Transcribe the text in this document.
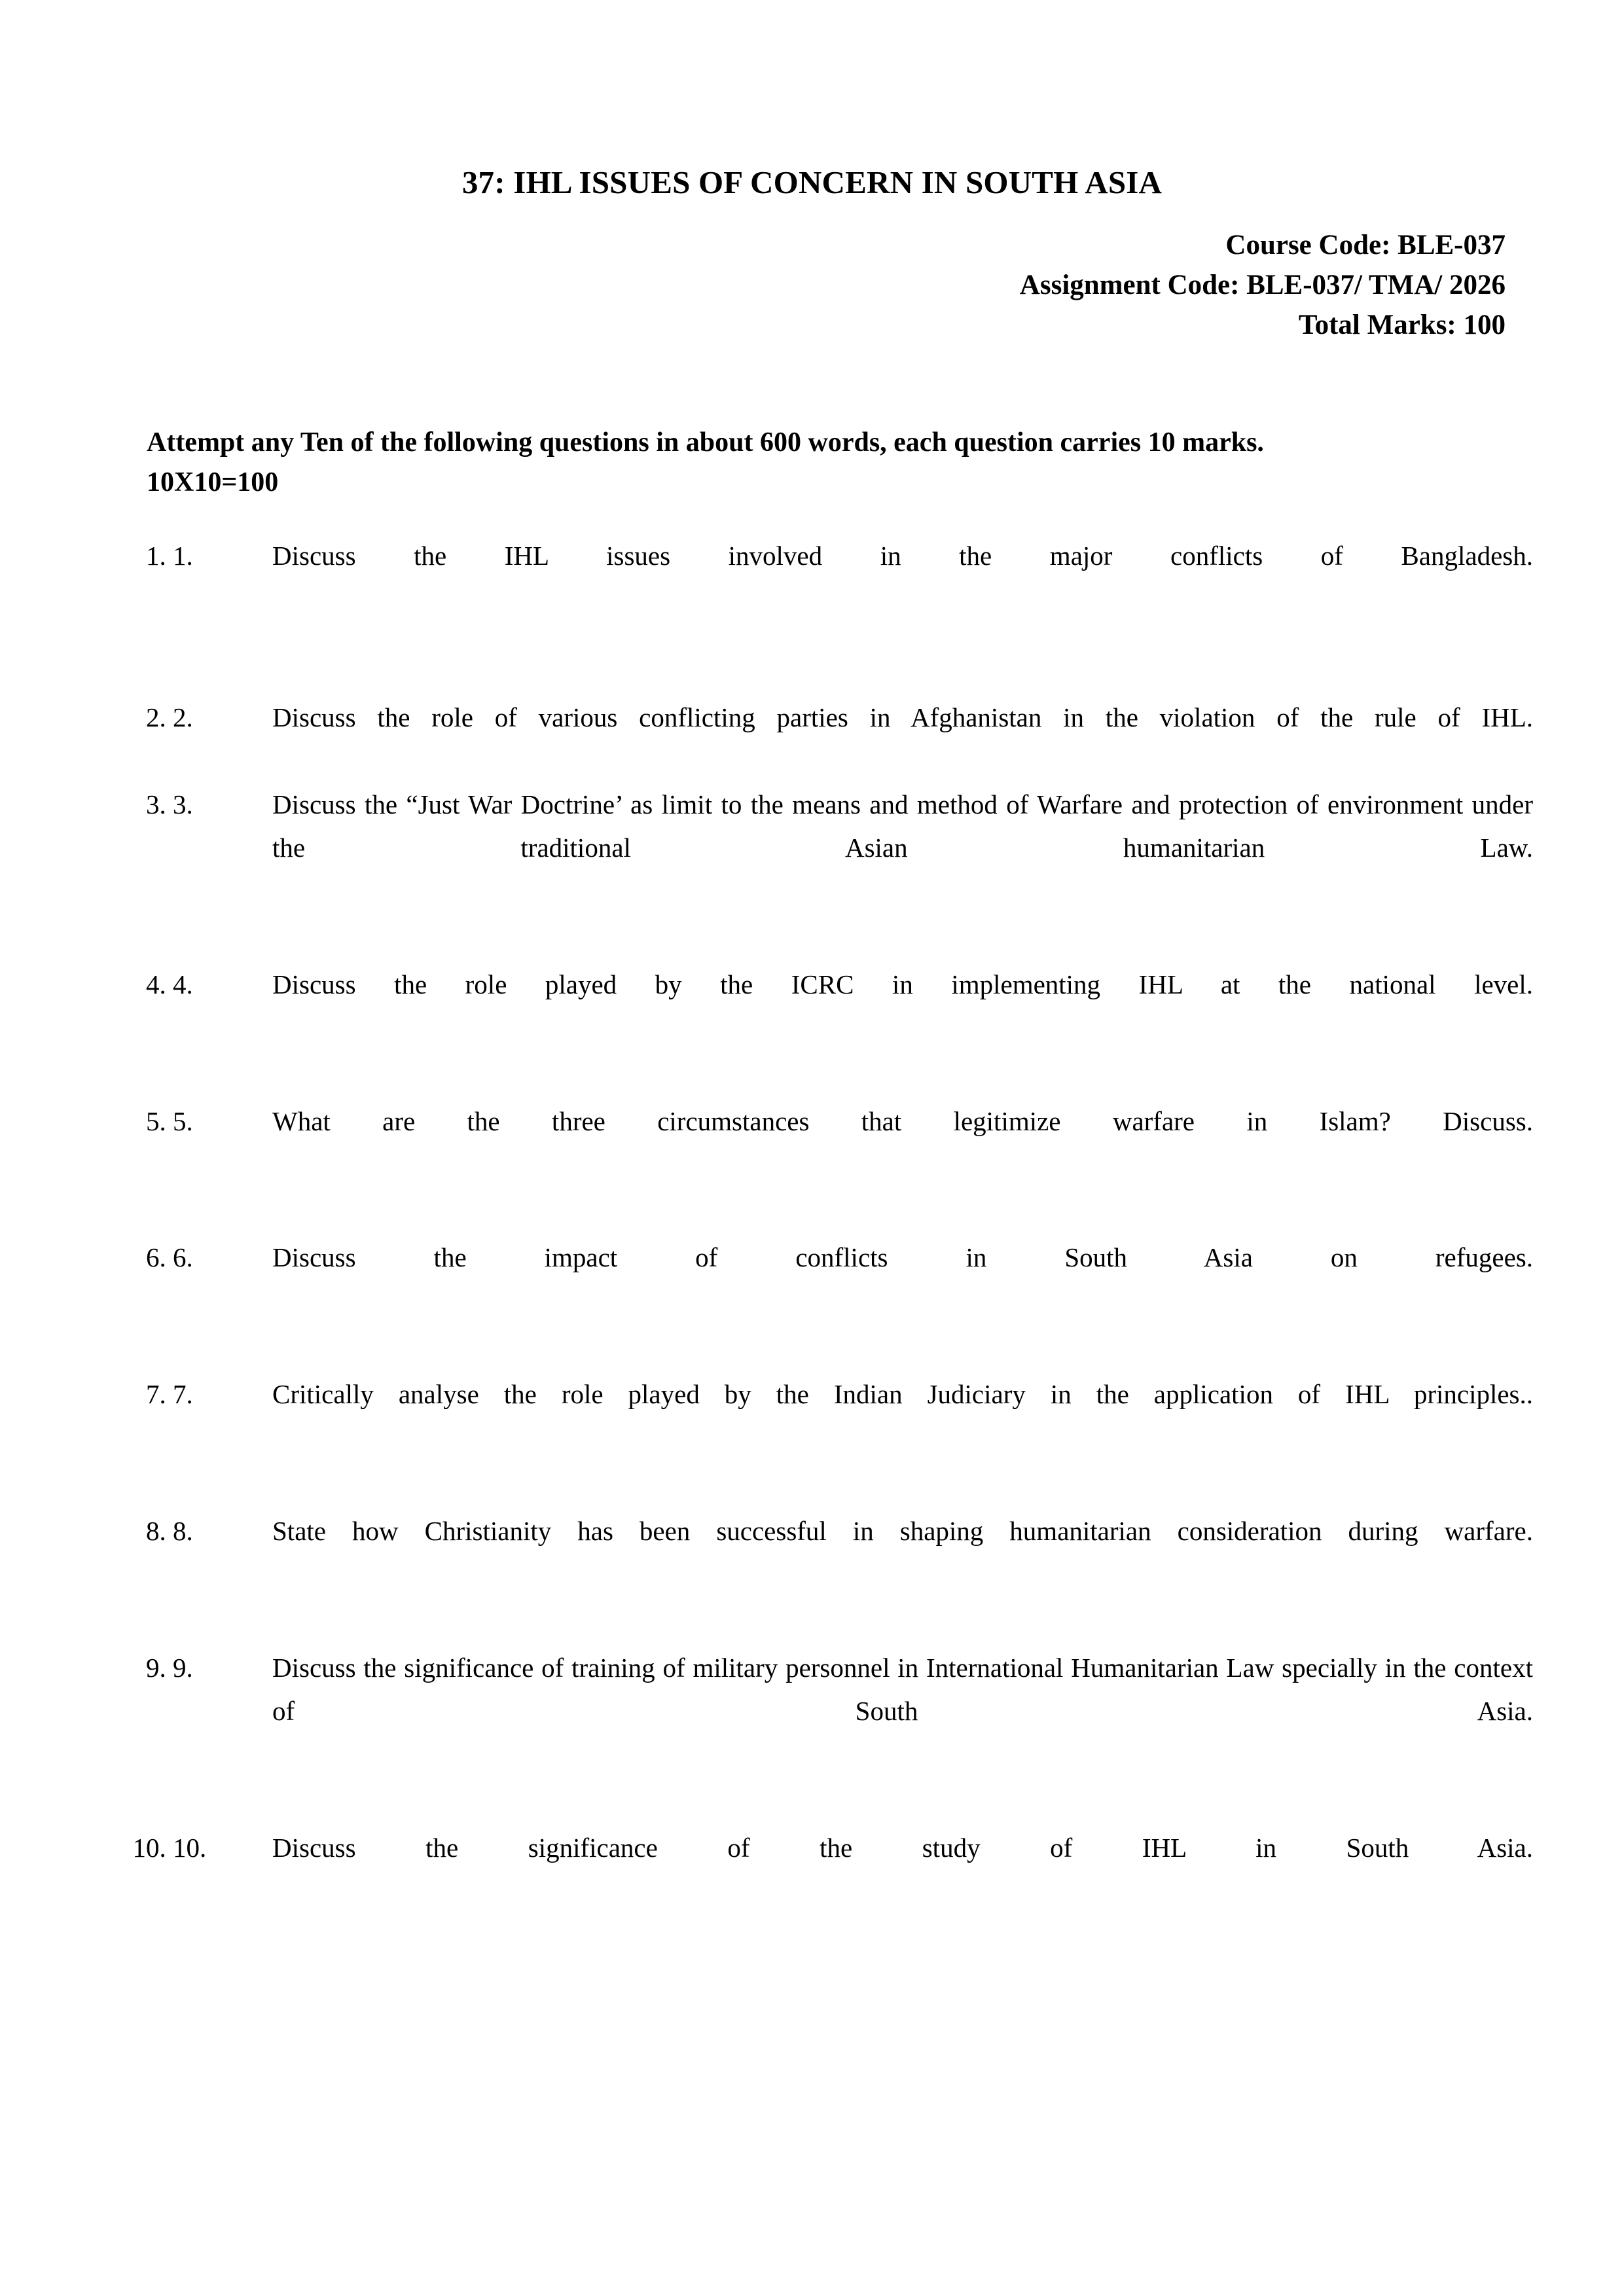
37: IHL ISSUES OF CONCERN IN SOUTH ASIA
Course Code: BLE-037
Assignment Code: BLE-037/ TMA/ 2026
Total Marks: 100
Attempt any Ten of the following questions in about 600 words, each question carries 10 marks.
10X10=100
1. 1.	Discuss the IHL issues involved in the major conflicts of Bangladesh.
2. 2.	Discuss the role of various conflicting parties in Afghanistan in the violation of the rule of IHL.
3. 3.	Discuss the “Just War Doctrine’ as limit to the means and method of Warfare and protection of environment under the traditional Asian humanitarian Law.
4. 4.	Discuss the role played by the ICRC in implementing IHL at the national level.
5. 5.	What are the three circumstances that legitimize warfare in Islam? Discuss.
6. 6.	Discuss the impact of conflicts in South Asia on refugees.
7. 7.	Critically analyse the role played by the Indian Judiciary in the application of IHL principles..
8. 8.	State how Christianity has been successful in shaping humanitarian consideration during warfare.
9. 9.	Discuss the significance of training of military personnel in International Humanitarian Law specially in the context of South Asia.
10. 10.	Discuss the significance of the study of IHL in South Asia.
